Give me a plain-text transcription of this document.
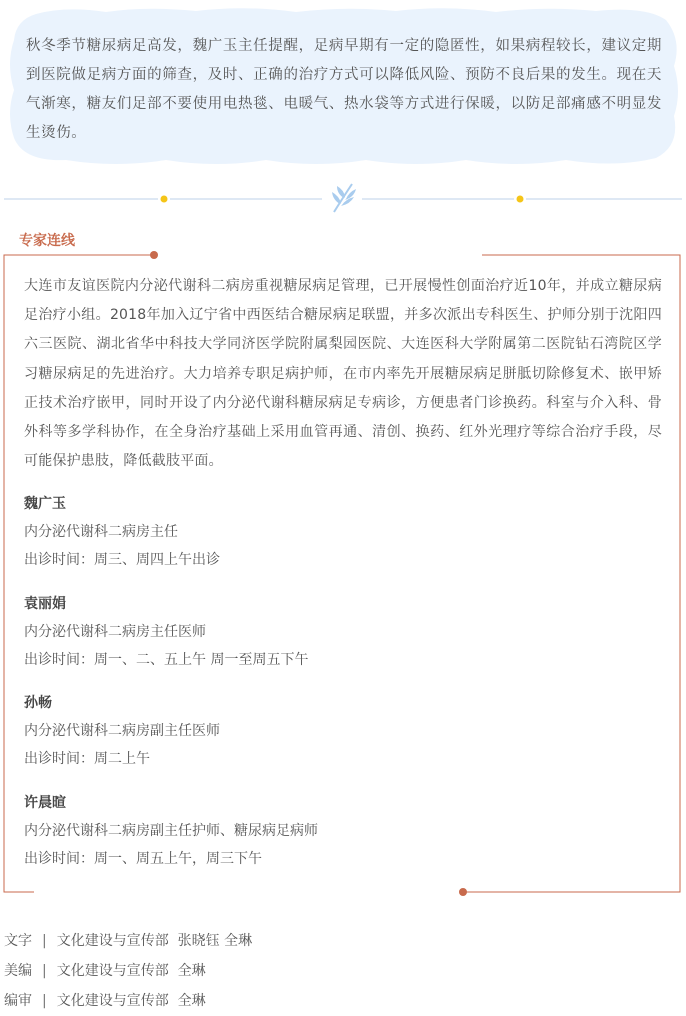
秋冬季节糖尿病足高发，魏广玉主任提醒，足病早期有一定的隐匿性，如果病程较长，建议定期到医院做足病方面的筛查，及时、正确的治疗方式可以降低风险、预防不良后果的发生。现在天气渐寒，糖友们足部不要使用电热毯、电暖气、热水袋等方式进行保暖，以防足部痛感不明显发生烫伤。
专家连线
大连市友谊医院内分泌代谢科二病房重视糖尿病足管理，已开展慢性创面治疗近10年，并成立糖尿病足治疗小组。2018年加入辽宁省中西医结合糖尿病足联盟，并多次派出专科医生、护师分别于沈阳四六三医院、湖北省华中科技大学同济医学院附属梨园医院、大连医科大学附属第二医院钻石湾院区学习糖尿病足的先进治疗。大力培养专职足病护师，在市内率先开展糖尿病足胼胝切除修复术、嵌甲矫正技术治疗嵌甲，同时开设了内分泌代谢科糖尿病足专病诊，方便患者门诊换药。科室与介入科、骨外科等多学科协作，在全身治疗基础上采用血管再通、清创、换药、红外光理疗等综合治疗手段，尽可能保护患肢，降低截肢平面。
魏广玉
内分泌代谢科二病房主任
出诊时间：周三、周四上午出诊
袁丽娟
内分泌代谢科二病房主任医师
出诊时间：周一、二、五上午 周一至周五下午
孙畅
内分泌代谢科二病房副主任医师
出诊时间：周二上午
许晨暄
内分泌代谢科二病房副主任护师、糖尿病足病师
出诊时间：周一、周五上午，周三下午
文字 | 文化建设与宣传部 张晓钰 全琳
美编 | 文化建设与宣传部 全琳
编审 | 文化建设与宣传部 全琳
